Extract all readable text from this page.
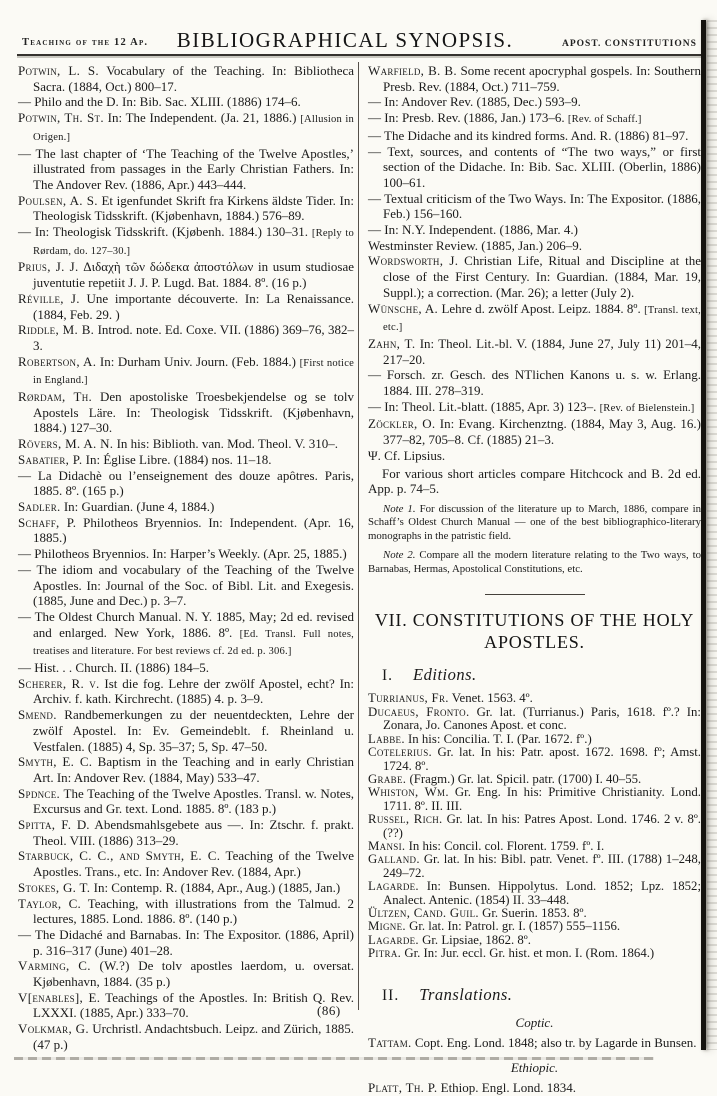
Teaching of the 12 Ap.	BIBLIOGRAPHICAL SYNOPSIS.	APOST. CONSTITUTIONS

Potwin, L. S. Vocabulary of the Teaching. In: Bibliotheca Sacra. (1884, Oct.) 800–17.

— Philo and the D. In: Bib. Sac. XLIII. (1886) 174–6.

Potwin, Th. St. In: The Independent. (Ja. 21, 1886.) [Allusion in Origen.]

— The last chapter of ‘The Teaching of the Twelve Apostles,’ illustrated from passages in the Early Christian Fathers. In: The Andover Rev. (1886, Apr.) 443–444.

Poulsen, A. S. Et igenfundet Skrift fra Kirkens äldste Tider. In: Theologisk Tidsskrift. (Kjøbenhavn, 1884.) 576–89.

— In: Theologisk Tidsskrift. (Kjøbenh. 1884.) 130–31. [Reply to Rørdam, do. 127–30.]

Prius, J. J. Διδαχὴ τῶν δώδεκα ἀποστόλων in usum studiosae juventutie repetiit J. J. P. Lugd. Bat. 1884. 8º. (16 p.)

Réville, J. Une importante découverte. In: La Renaissance. (1884, Feb. 29. )

Riddle, M. B. Introd. note. Ed. Coxe. VII. (1886) 369–76, 382–3.

Robertson, A. In: Durham Univ. Journ. (Feb. 1884.) [First notice in England.]

Rørdam, Th. Den apostoliske Troesbekjendelse og se tolv Apostels Läre. In: Theologisk Tidsskrift. (Kjøbenhavn, 1884.) 127–30.

Rövers, M. A. N. In his: Biblioth. van. Mod. Theol. V. 310–.

Sabatier, P. In: Église Libre. (1884) nos. 11–18.

— La Didachè ou l’enseignement des douze apôtres. Paris, 1885. 8º. (165 p.)

Sadler. In: Guardian. (June 4, 1884.)

Schaff, P. Philotheos Bryennios. In: Independent. (Apr. 16, 1885.)

— Philotheos Bryennios. In: Harper’s Weekly. (Apr. 25, 1885.)

— The idiom and vocabulary of the Teaching of the Twelve Apostles. In: Journal of the Soc. of Bibl. Lit. and Exegesis. (1885, June and Dec.) p. 3–7.

— The Oldest Church Manual. N. Y. 1885, May; 2d ed. revised and enlarged. New York, 1886. 8º. [Ed. Transl. Full notes, treatises and literature. For best reviews cf. 2d ed. p. 306.]

— Hist. . . Church. II. (1886) 184–5.

Scherer, R. v. Ist die fog. Lehre der zwölf Apostel, echt? In: Archiv. f. kath. Kirchrecht. (1885) 4. p. 3–9.

Smend. Randbemerkungen zu der neuentdeckten, Lehre der zwölf Apostel. In: Ev. Gemeindeblt. f. Rheinland u. Vestfalen. (1885) 4, Sp. 35–37; 5, Sp. 47–50.

Smyth, E. C. Baptism in the Teaching and in early Christian Art. In: Andover Rev. (1884, May) 533–47.

Spdnce. The Teaching of the Twelve Apostles. Transl. w. Notes, Excursus and Gr. text. Lond. 1885. 8º. (183 p.)

Spitta, F. D. Abendsmahlsgebete aus —. In: Ztschr. f. prakt. Theol. VIII. (1886) 313–29.

Starbuck, C. C., and Smyth, E. C. Teaching of the Twelve Apostles. Trans., etc. In: Andover Rev. (1884, Apr.)

Stokes, G. T. In: Contemp. R. (1884, Apr., Aug.) (1885, Jan.)

Taylor, C. Teaching, with illustrations from the Talmud. 2 lectures, 1885. Lond. 1886. 8º. (140 p.)

— The Didaché and Barnabas. In: The Expositor. (1886, April) p. 316–317 (June) 401–28.

Varming, C. (W.?) De tolv apostles laerdom, u. oversat. Kjøbenhavn, 1884. (35 p.)

V[enables], E. Teachings of the Apostles. In: British Q. Rev. LXXXI. (1885, Apr.) 333–70.

Volkmar, G. Urchristl. Andachtsbuch. Leipz. and Zürich, 1885. (47 p.)

Warfield, B. B. Some recent apocryphal gospels. In: Southern Presb. Rev. (1884, Oct.) 711–759.

— In: Andover Rev. (1885, Dec.) 593–9.

— In: Presb. Rev. (1886, Jan.) 173–6. [Rev. of Schaff.]

— The Didache and its kindred forms. And. R. (1886) 81–97.

— Text, sources, and contents of “The two ways,” or first section of the Didache. In: Bib. Sac. XLIII. (Oberlin, 1886) 100–61.

— Textual criticism of the Two Ways. In: The Expositor. (1886, Feb.) 156–160.

— In: N.Y. Independent. (1886, Mar. 4.)

Westminster Review. (1885, Jan.) 206–9.

Wordsworth, J. Christian Life, Ritual and Discipline at the close of the First Century. In: Guardian. (1884, Mar. 19, Suppl.); a correction. (Mar. 26); a letter (July 2).

Wünsche, A. Lehre d. zwölf Apost. Leipz. 1884. 8º. [Transl. text, etc.]

Zahn, T. In: Theol. Lit.-bl. V. (1884, June 27, July 11) 201–4, 217–20.

— Forsch. zr. Gesch. des NTlichen Kanons u. s. w. Erlang. 1884. III. 278–319.

— In: Theol. Lit.-blatt. (1885, Apr. 3) 123–. [Rev. of Bielenstein.]

Zöckler, O. In: Evang. Kirchenztng. (1884, May 3, Aug. 16.) 377–82, 705–8. Cf. (1885) 21–3.

Ψ. Cf. Lipsius.

For various short articles compare Hitchcock and B. 2d ed. App. p. 74–5.

Note 1. For discussion of the literature up to March, 1886, compare in Schaff’s Oldest Church Manual — one of the best bibliographico-literary monographs in the patristic field.

Note 2. Compare all the modern literature relating to the Two ways, to Barnabas, Hermas, Apostolical Constitutions, etc.

VII. CONSTITUTIONS OF THE HOLY APOSTLES.
I. Editions.

Turrianus, Fr. Venet. 1563. 4º.

Ducaeus, Fronto. Gr. lat. (Turrianus.) Paris, 1618. fº.? In: Zonara, Jo. Canones Apost. et conc.

Labbe. In his: Concilia. T. I. (Par. 1672. fº.)

Cotelerius. Gr. lat. In his: Patr. apost. 1672. 1698. fº; Amst. 1724. 8º.

Grabe. (Fragm.) Gr. lat. Spicil. patr. (1700) I. 40–55.

Whiston, Wm. Gr. Eng. In his: Primitive Christianity. Lond. 1711. 8º. II. III.

Russel, Rich. Gr. lat. In his: Patres Apost. Lond. 1746. 2 v. 8º. (??)

Mansi. In his: Concil. col. Florent. 1759. fº. I.

Galland. Gr. lat. In his: Bibl. patr. Venet. fº. III. (1788) 1–248, 249–72.

Lagarde. In: Bunsen. Hippolytus. Lond. 1852; Lpz. 1852; Analect. Antenic. (1854) II. 33–448.

Ültzen, Cand. Guil. Gr. Suerin. 1853. 8º.

Migne. Gr. lat. In: Patrol. gr. I. (1857) 555–1156.

Lagarde. Gr. Lipsiae, 1862. 8º.

Pitra. Gr. In: Jur. eccl. Gr. hist. et mon. I. (Rom. 1864.)

II. Translations.

Coptic.

Tattam. Copt. Eng. Lond. 1848; also tr. by Lagarde in Bunsen.

Ethiopic.

Platt, Th. P. Ethiop. Engl. Lond. 1834.

(86)
